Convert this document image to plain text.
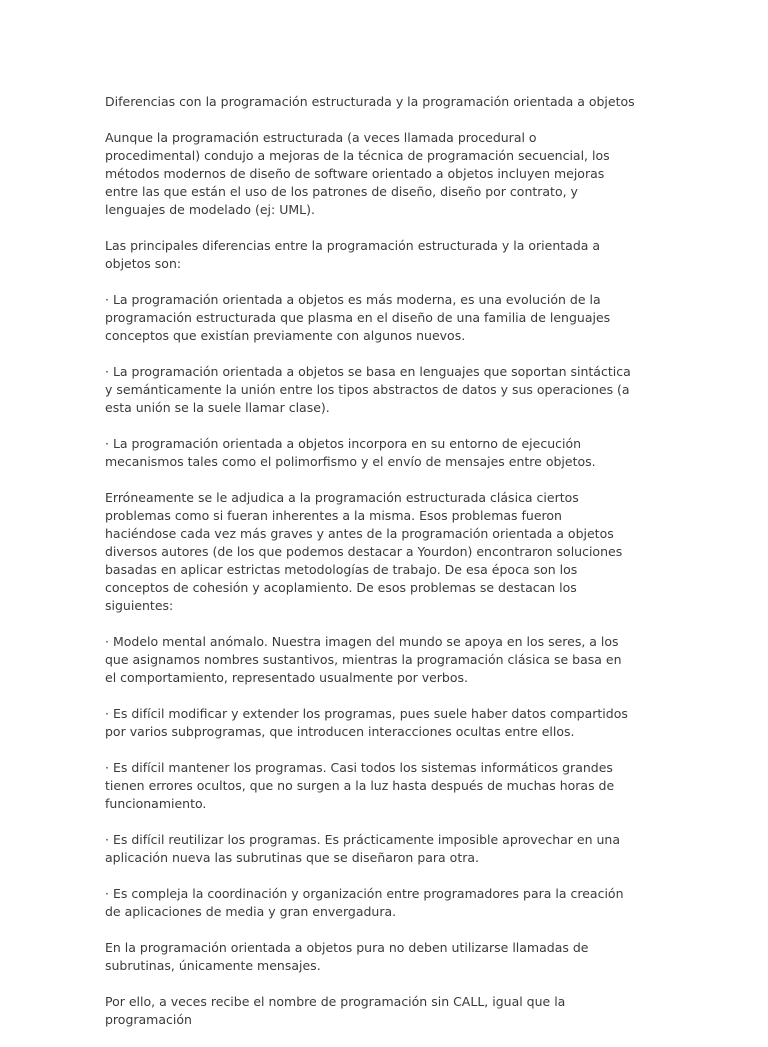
Diferencias con la programación estructurada y la programación orientada a objetos

Aunque la programación estructurada (a veces llamada procedural o procedimental) condujo a mejoras de la técnica de programación secuencial, los métodos modernos de diseño de software orientado a objetos incluyen mejoras entre las que están el uso de los patrones de diseño, diseño por contrato, y lenguajes de modelado (ej: UML).

Las principales diferencias entre la programación estructurada y la orientada a objetos son:

· La programación orientada a objetos es más moderna, es una evolución de la programación estructurada que plasma en el diseño de una familia de lenguajes conceptos que existían previamente con algunos nuevos.

· La programación orientada a objetos se basa en lenguajes que soportan sintáctica y semánticamente la unión entre los tipos abstractos de datos y sus operaciones (a esta unión se la suele llamar clase).

· La programación orientada a objetos incorpora en su entorno de ejecución mecanismos tales como el polimorfismo y el envío de mensajes entre objetos.

Erróneamente se le adjudica a la programación estructurada clásica ciertos problemas como si fueran inherentes a la misma. Esos problemas fueron haciéndose cada vez más graves y antes de la programación orientada a objetos diversos autores (de los que podemos destacar a Yourdon) encontraron soluciones basadas en aplicar estrictas metodologías de trabajo. De esa época son los conceptos de cohesión y acoplamiento. De esos problemas se destacan los siguientes:

· Modelo mental anómalo. Nuestra imagen del mundo se apoya en los seres, a los que asignamos nombres sustantivos, mientras la programación clásica se basa en el comportamiento, representado usualmente por verbos.

· Es difícil modificar y extender los programas, pues suele haber datos compartidos por varios subprogramas, que introducen interacciones ocultas entre ellos.

· Es difícil mantener los programas. Casi todos los sistemas informáticos grandes tienen errores ocultos, que no surgen a la luz hasta después de muchas horas de funcionamiento.

· Es difícil reutilizar los programas. Es prácticamente imposible aprovechar en una aplicación nueva las subrutinas que se diseñaron para otra.

· Es compleja la coordinación y organización entre programadores para la creación de aplicaciones de media y gran envergadura.

En la programación orientada a objetos pura no deben utilizarse llamadas de subrutinas, únicamente mensajes.

Por ello, a veces recibe el nombre de programación sin CALL, igual que la programación
